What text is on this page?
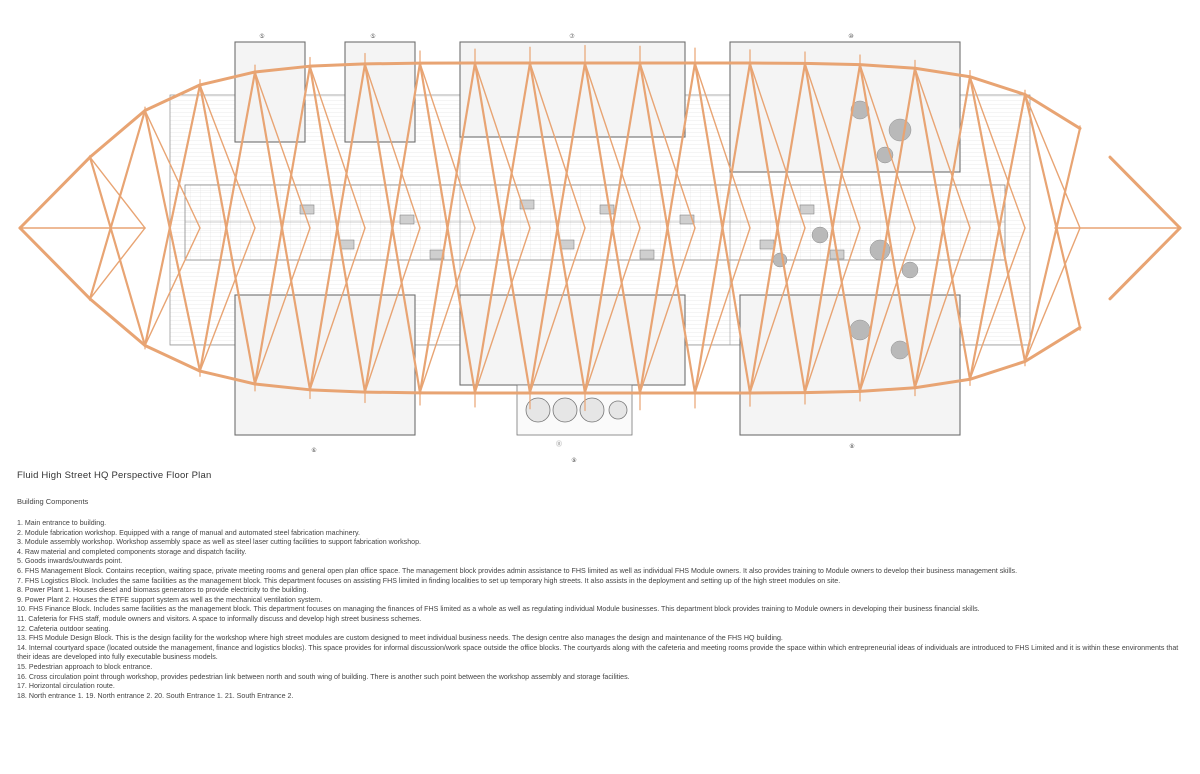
⑤	⑤	⑦	⑩
⑥
⑪
⑨
⑧
Fluid High Street HQ Perspective Floor Plan
Building Components
1. Main entrance to building.
2. Module fabrication workshop. Equipped with a range of manual and automated steel fabrication machinery.
3. Module assembly workshop. Workshop assembly space as well as steel laser cutting facilities to support fabrication workshop.
4. Raw material and completed components storage and dispatch facility.
5. Goods inwards/outwards point.
6. FHS Management Block. Contains reception, waiting space, private meeting rooms and general open plan office space. The management block provides admin assistance to FHS limited as well as individual FHS Module owners. It also provides training to Module owners to develop their business management skills.
7. FHS Logistics Block. Includes the same facilities as the management block. This department focuses on assisting FHS limited in finding localities to set up temporary high streets. It also assists in the deployment and setting up of the high street modules on site.
8. Power Plant 1. Houses diesel and biomass generators to provide electricity to the building.
9. Power Plant 2. Houses the ETFE support system as well as the mechanical ventilation system.
10. FHS Finance Block. Includes same facilities as the management block. This department focuses on managing the finances of FHS limited as a whole as well as regulating individual Module businesses. This department block provides training to Module owners in developing their business financial skills.
11. Cafeteria for FHS staff, module owners and visitors. A space to informally discuss and develop high street business schemes.
12. Cafeteria outdoor seating.
13. FHS Module Design Block. This is the design facility for the workshop where high street modules are custom designed to meet individual business needs. The design centre also manages the design and maintenance of the FHS HQ building.
14. Internal courtyard space (located outside the management, finance and logistics blocks). This space provides for informal discussion/work space outside the office blocks. The courtyards along with the cafeteria and meeting rooms provide the space within which entrepreneurial ideas of individuals are introduced to FHS Limited and it is within these environments that their ideas are developed into fully executable business models.
15. Pedestrian approach to block entrance.
16. Cross circulation point through workshop, provides pedestrian link between north and south wing of building. There is another such point between the workshop assembly and storage facilities.
17. Horizontal circulation route.
18. North entrance 1. 19. North entrance 2. 20. South Entrance 1. 21. South Entrance 2.
